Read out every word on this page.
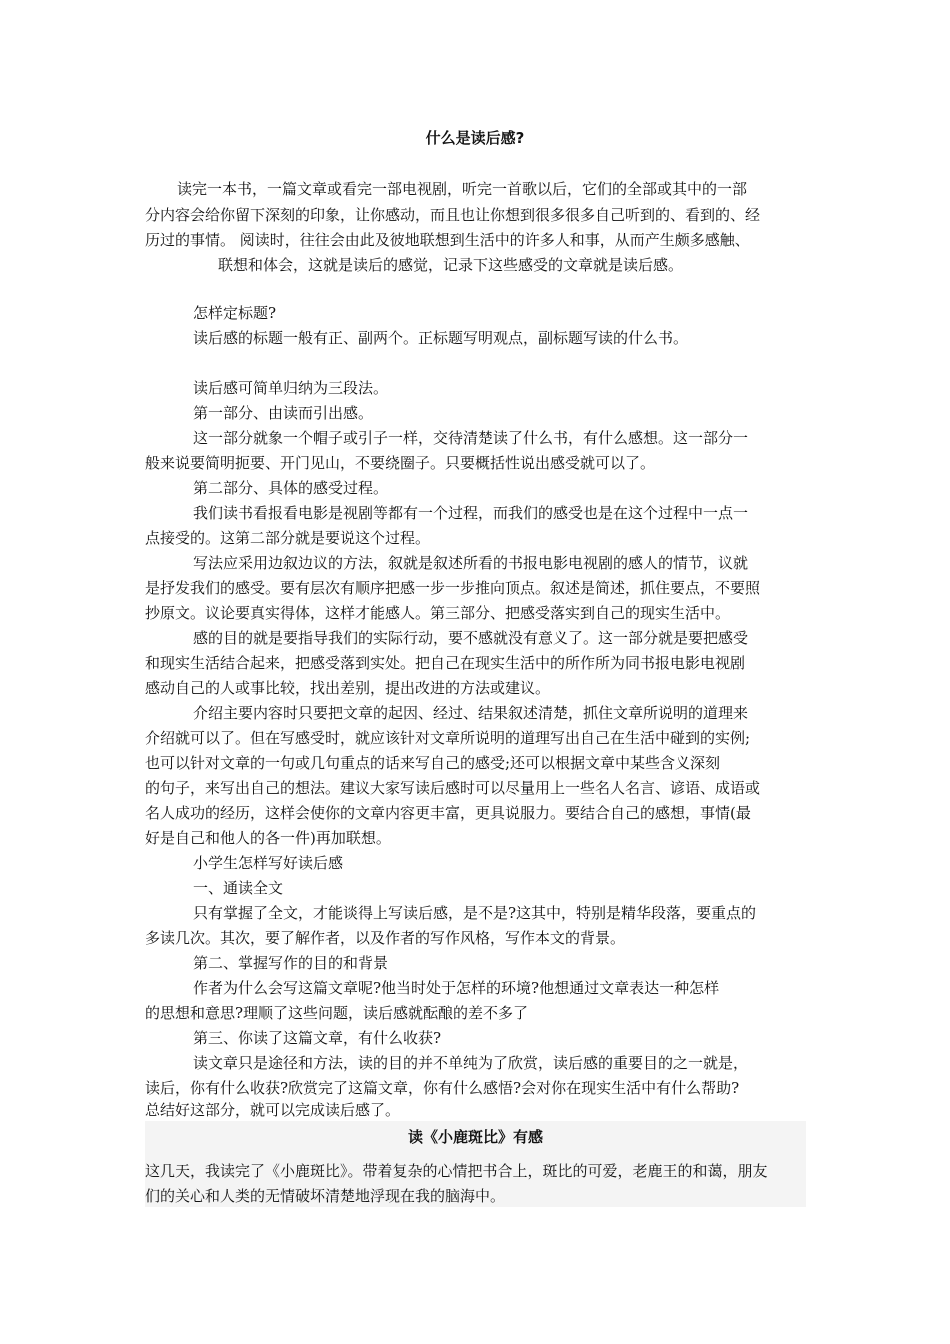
什么是读后感?
读完一本书，一篇文章或看完一部电视剧，听完一首歌以后，它们的全部或其中的一部
分内容会给你留下深刻的印象，让你感动，而且也让你想到很多很多自己听到的、看到的、经
历过的事情。 阅读时，往往会由此及彼地联想到生活中的许多人和事，从而产生颇多感触、
联想和体会，这就是读后的感觉，记录下这些感受的文章就是读后感。
怎样定标题?
读后感的标题一般有正、副两个。正标题写明观点，副标题写读的什么书。
读后感可简单归纳为三段法。
第一部分、由读而引出感。
这一部分就象一个帽子或引子一样，交待清楚读了什么书，有什么感想。这一部分一
般来说要简明扼要、开门见山，不要绕圈子。只要概括性说出感受就可以了。
第二部分、具体的感受过程。
我们读书看报看电影是视剧等都有一个过程，而我们的感受也是在这个过程中一点一
点接受的。这第二部分就是要说这个过程。
写法应采用边叙边议的方法，叙就是叙述所看的书报电影电视剧的感人的情节，议就
是抒发我们的感受。要有层次有顺序把感一步一步推向顶点。叙述是简述，抓住要点，不要照
抄原文。议论要真实得体，这样才能感人。第三部分、把感受落实到自己的现实生活中。
感的目的就是要指导我们的实际行动，要不感就没有意义了。这一部分就是要把感受
和现实生活结合起来，把感受落到实处。把自己在现实生活中的所作所为同书报电影电视剧
感动自己的人或事比较，找出差别，提出改进的方法或建议。
介绍主要内容时只要把文章的起因、经过、结果叙述清楚，抓住文章所说明的道理来
介绍就可以了。但在写感受时，就应该针对文章所说明的道理写出自己在生活中碰到的实例;
也可以针对文章的一句或几句重点的话来写自己的感受;还可以根据文章中某些含义深刻
的句子，来写出自己的想法。建议大家写读后感时可以尽量用上一些名人名言、谚语、成语或
名人成功的经历，这样会使你的文章内容更丰富，更具说服力。要结合自己的感想，事情(最
好是自己和他人的各一件)再加联想。
小学生怎样写好读后感
一、通读全文
只有掌握了全文，才能谈得上写读后感，是不是?这其中，特别是精华段落，要重点的
多读几次。其次，要了解作者，以及作者的写作风格，写作本文的背景。
第二、掌握写作的目的和背景
作者为什么会写这篇文章呢?他当时处于怎样的环境?他想通过文章表达一种怎样
的思想和意思?理顺了这些问题，读后感就酝酿的差不多了
第三、你读了这篇文章，有什么收获?
读文章只是途径和方法，读的目的并不单纯为了欣赏，读后感的重要目的之一就是，
读后，你有什么收获?欣赏完了这篇文章，你有什么感悟?会对你在现实生活中有什么帮助?
总结好这部分，就可以完成读后感了。
读《小鹿斑比》有感
这几天，我读完了《小鹿斑比》。带着复杂的心情把书合上，斑比的可爱，老鹿王的和蔼，朋友
们的关心和人类的无情破坏清楚地浮现在我的脑海中。
